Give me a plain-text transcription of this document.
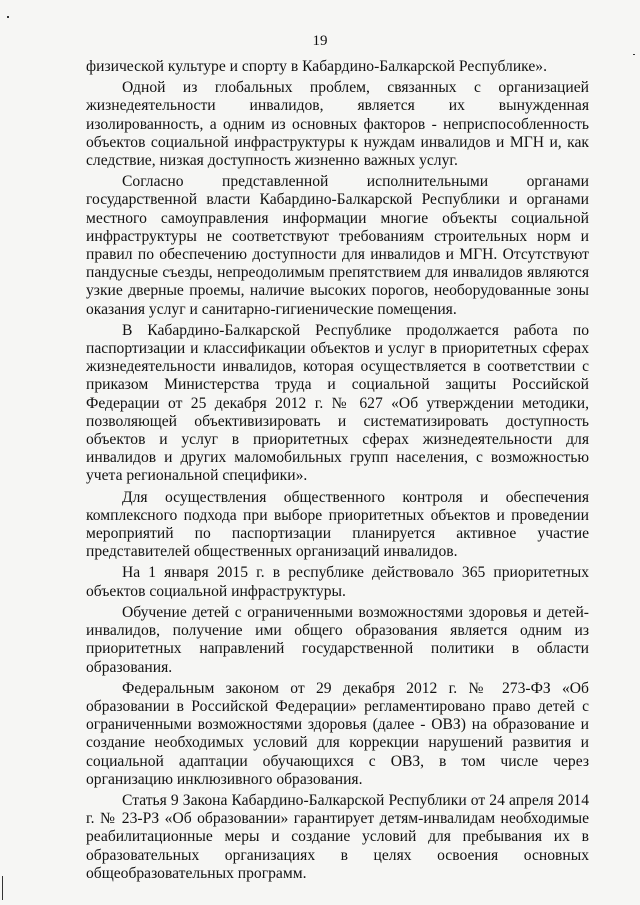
19

физической культуре и спорту в Кабардино-Балкарской Республике».

Одной из глобальных проблем, связанных с организацией жизнедеятельности инвалидов, является их вынужденная изолированность, а одним из основных факторов - неприспособленность объектов социальной инфраструктуры к нуждам инвалидов и МГН и, как следствие, низкая доступность жизненно важных услуг.

Согласно представленной исполнительными органами государственной власти Кабардино-Балкарской Республики и органами местного самоуправления информации многие объекты социальной инфраструктуры не соответствуют требованиям строительных норм и правил по обеспечению доступности для инвалидов и МГН. Отсутствуют пандусные съезды, непреодолимым препятствием для инвалидов являются узкие дверные проемы, наличие высоких порогов, необорудованные зоны оказания услуг и санитарно-гигиенические помещения.

В Кабардино-Балкарской Республике продолжается работа по паспортизации и классификации объектов и услуг в приоритетных сферах жизнедеятельности инвалидов, которая осуществляется в соответствии с приказом Министерства труда и социальной защиты Российской Федерации от 25 декабря 2012 г. № 627 «Об утверждении методики, позволяющей объективизировать и систематизировать доступность объектов и услуг в приоритетных сферах жизнедеятельности для инвалидов и других маломобильных групп населения, с возможностью учета региональной специфики».

Для осуществления общественного контроля и обеспечения комплексного подхода при выборе приоритетных объектов и проведении мероприятий по паспортизации планируется активное участие представителей общественных организаций инвалидов.

На 1 января 2015 г. в республике действовало 365 приоритетных объектов социальной инфраструктуры.

Обучение детей с ограниченными возможностями здоровья и детей-инвалидов, получение ими общего образования является одним из приоритетных направлений государственной политики в области образования.

Федеральным законом от 29 декабря 2012 г. № 273-ФЗ «Об образовании в Российской Федерации» регламентировано право детей с ограниченными возможностями здоровья (далее - ОВЗ) на образование и создание необходимых условий для коррекции нарушений развития и социальной адаптации обучающихся с ОВЗ, в том числе через организацию инклюзивного образования.

Статья 9 Закона Кабардино-Балкарской Республики от 24 апреля 2014 г. № 23-РЗ «Об образовании» гарантирует детям-инвалидам необходимые реабилитационные меры и создание условий для пребывания их в образовательных организациях в целях освоения основных общеобразовательных программ.
